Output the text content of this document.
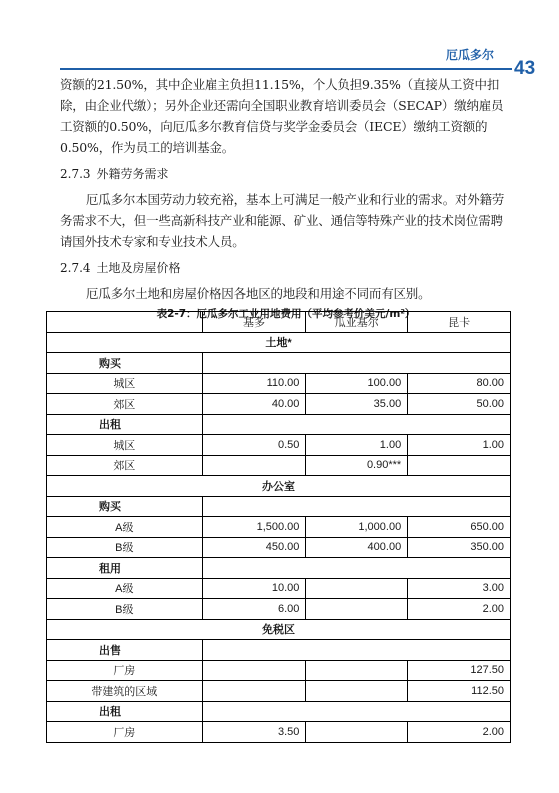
厄瓜多尔
43

资额的21.50%，其中企业雇主负担11.15%，个人负担9.35%（直接从工资中扣除，由企业代缴）；另外企业还需向全国职业教育培训委员会（SECAP）缴纳雇员工资额的0.50%，向厄瓜多尔教育信贷与奖学金委员会（IECE）缴纳工资额的0.50%，作为员工的培训基金。

2.7.3 外籍劳务需求

厄瓜多尔本国劳动力较充裕，基本上可满足一般产业和行业的需求。对外籍劳务需求不大，但一些高新科技产业和能源、矿业、通信等特殊产业的技术岗位需聘请国外技术专家和专业技术人员。

2.7.4 土地及房屋价格

厄瓜多尔土地和房屋价格因各地区的地段和用途不同而有区别。

表2-7：厄瓜多尔工业用地费用（平均参考价美元/m²）
	基多	瓜亚基尔	昆卡
土地*			
购买			
城区	110.00	100.00	80.00
郊区	40.00	35.00	50.00
出租			
城区	0.50	1.00	1.00
郊区		0.90***	
办公室			
购买			
A级	1,500.00	1,000.00	650.00
B级	450.00	400.00	350.00
租用			
A级	10.00		3.00
B级	6.00		2.00
免税区			
出售			
厂房			127.50
带建筑的区域			112.50
出租			
厂房	3.50		2.00
